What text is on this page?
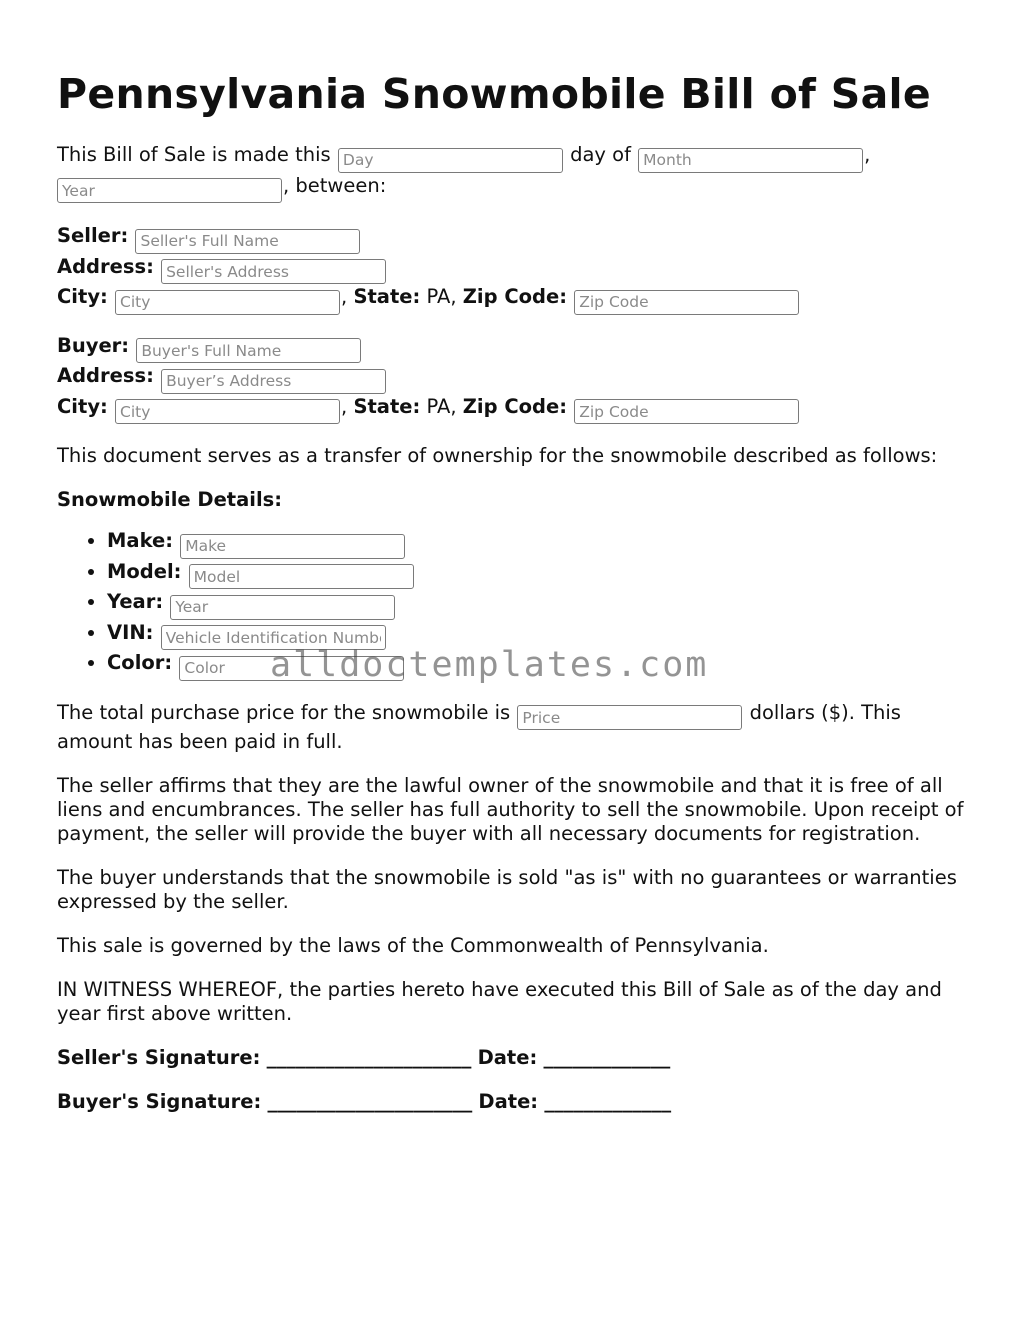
Pennsylvania Snowmobile Bill of Sale
This Bill of Sale is made this Day	day of Month	,
Year, between:
Seller: Seller's Full Name
Address: Seller's Address
City: City	, State: PA, Zip Code: Zip Code
Buyer: Buyer's Full Name
Address: Buyer’s Address
City: City	, State: PA, Zip Code: Zip Code

This document serves as a transfer of ownership for the snowmobile described as follows:

Snowmobile Details:

• Make: Make
• Model: Model
• Year: Year
• VIN: Vehicle Identification Number
• Color: Color

The total purchase price for the snowmobile is Price	dollars ($). This amount has been paid in full.

The seller affirms that they are the lawful owner of the snowmobile and that it is free of all liens and encumbrances. The seller has full authority to sell the snowmobile. Upon receipt of payment, the seller will provide the buyer with all necessary documents for registration.

The buyer understands that the snowmobile is sold "as is" with no guarantees or warranties expressed by the seller.

This sale is governed by the laws of the Commonwealth of Pennsylvania.

IN WITNESS WHEREOF, the parties hereto have executed this Bill of Sale as of the day and year first above written.

Seller's Signature: _____________________ Date: _____________

Buyer's Signature: _____________________ Date: _____________

alldoctemplates.com
